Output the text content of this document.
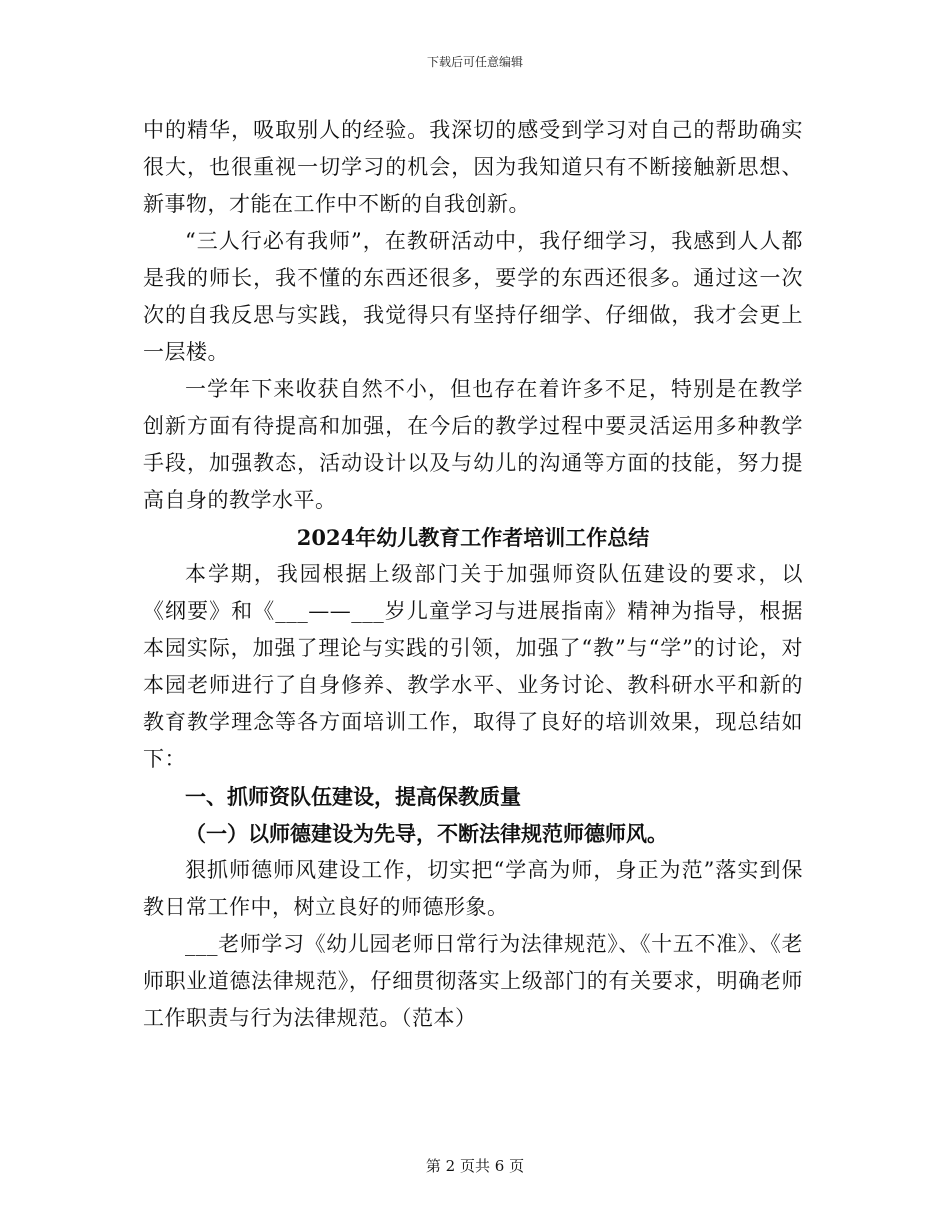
下载后可任意编辑

中的精华，吸取别人的经验。我深切的感受到学习对自己的帮助确实很大，也很重视一切学习的机会，因为我知道只有不断接触新思想、新事物，才能在工作中不断的自我创新。

“三人行必有我师”，在教研活动中，我仔细学习，我感到人人都是我的师长，我不懂的东西还很多，要学的东西还很多。通过这一次次的自我反思与实践，我觉得只有坚持仔细学、仔细做，我才会更上一层楼。

一学年下来收获自然不小，但也存在着许多不足，特别是在教学创新方面有待提高和加强，在今后的教学过程中要灵活运用多种教学手段，加强教态，活动设计以及与幼儿的沟通等方面的技能，努力提高自身的教学水平。

2024年幼儿教育工作者培训工作总结

本学期，我园根据上级部门关于加强师资队伍建设的要求，以《纲要》和《___——___岁儿童学习与进展指南》精神为指导，根据本园实际，加强了理论与实践的引领，加强了“教”与“学”的讨论，对本园老师进行了自身修养、教学水平、业务讨论、教科研水平和新的教育教学理念等各方面培训工作，取得了良好的培训效果，现总结如下：

一、抓师资队伍建设，提高保教质量

（一）以师德建设为先导，不断法律规范师德师风。

狠抓师德师风建设工作，切实把“学高为师，身正为范”落实到保教日常工作中，树立良好的师德形象。

___老师学习《幼儿园老师日常行为法律规范》、《十五不准》、《老师职业道德法律规范》，仔细贯彻落实上级部门的有关要求，明确老师工作职责与行为法律规范。（范本）

第 2 页共 6 页
